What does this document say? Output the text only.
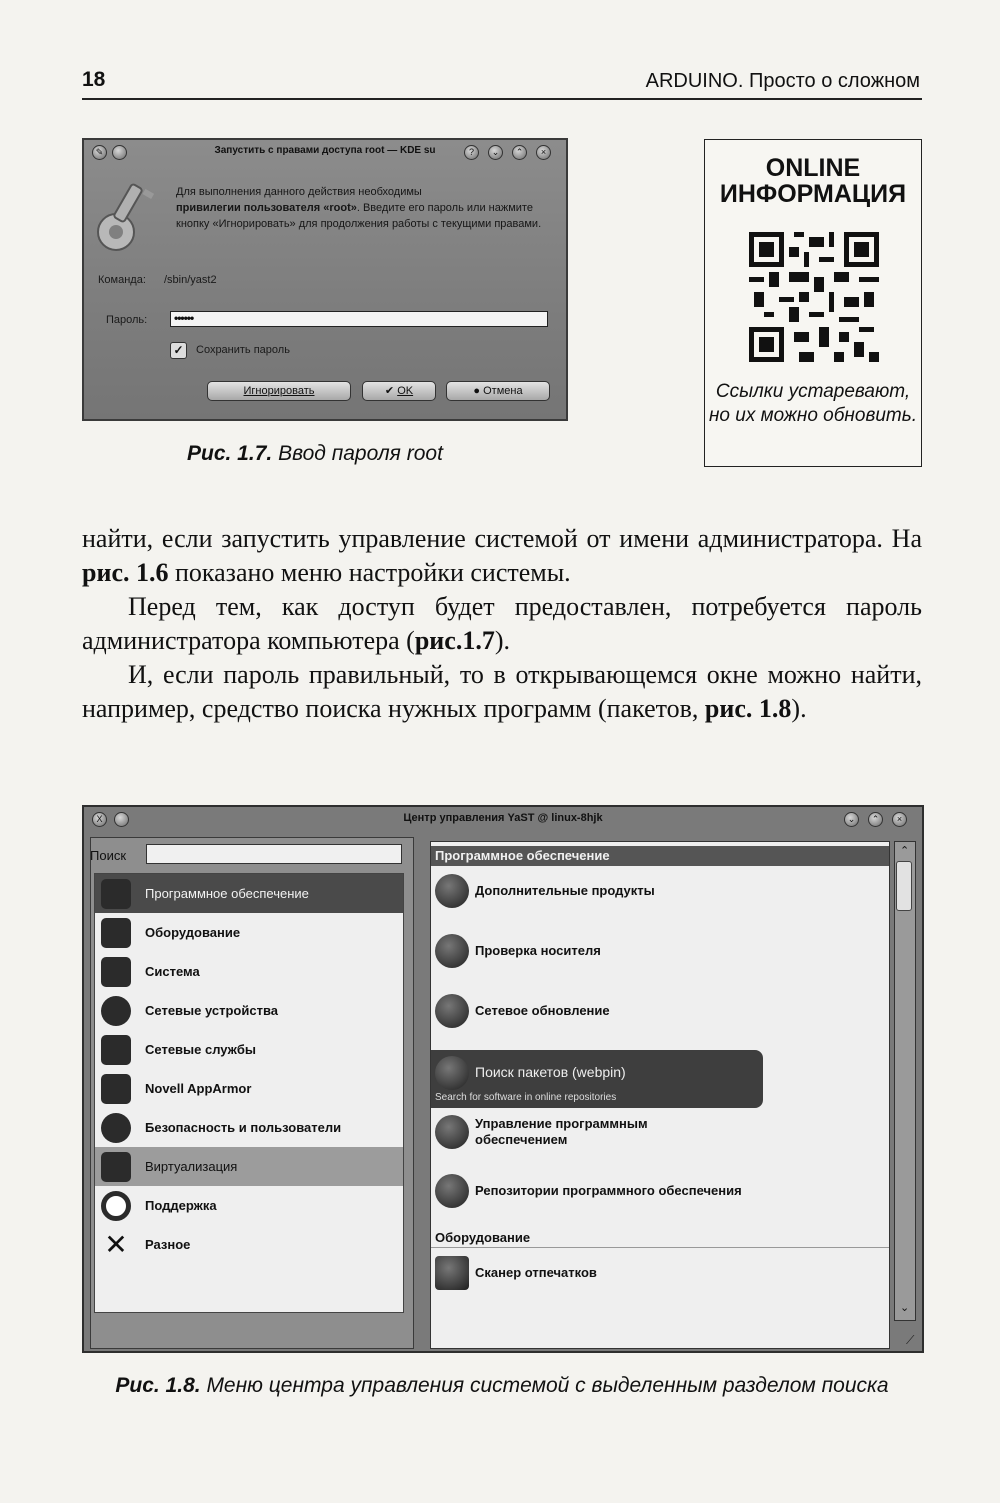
18	ARDUINO. Просто о сложном
✎	Запустить с правами доступа root — KDE su	?	⌄	⌃	×
Для выполнения данного действия необходимы
привилегии пользователя «root». Введите его пароль или нажмите кнопку «Игнорировать» для продолжения работы с текущими правами.
Команда: /sbin/yast2
Пароль:	••••••
✓	Сохранить пароль
Игнорировать	✔ OK	● Отмена
ONLINE
ИНФОРМАЦИЯ
Ссылки устаревают, но их можно обновить.
Рис. 1.7. Ввод пароля root
найти, если запустить управление системой от имени администратора. На рис. 1.6 показано меню настройки системы.
Перед тем, как доступ будет предоставлен, потребуется пароль администратора компьютера (рис.1.7).
И, если пароль правильный, то в открывающемся окне можно найти, например, средство поиска нужных программ (пакетов, рис. 1.8).
X	Центр управления YaST @ linux-8hjk	⌄	⌃	×
Поиск
Программное обеспечение
Оборудование
Система
Сетевые устройства
Сетевые службы
Novell AppArmor
Безопасность и пользователи
Виртуализация
Поддержка
✕ Разное
Программное обеспечение
Дополнительные продукты
Проверка носителя
Сетевое обновление
Поиск пакетов (webpin)
Search for software in online repositories
Управление программным обеспечением
Репозитории программного обеспечения
Оборудование
Сканер отпечатков
⌃
⌄
⟋
Рис. 1.8. Меню центра управления системой с выделенным разделом поиска
